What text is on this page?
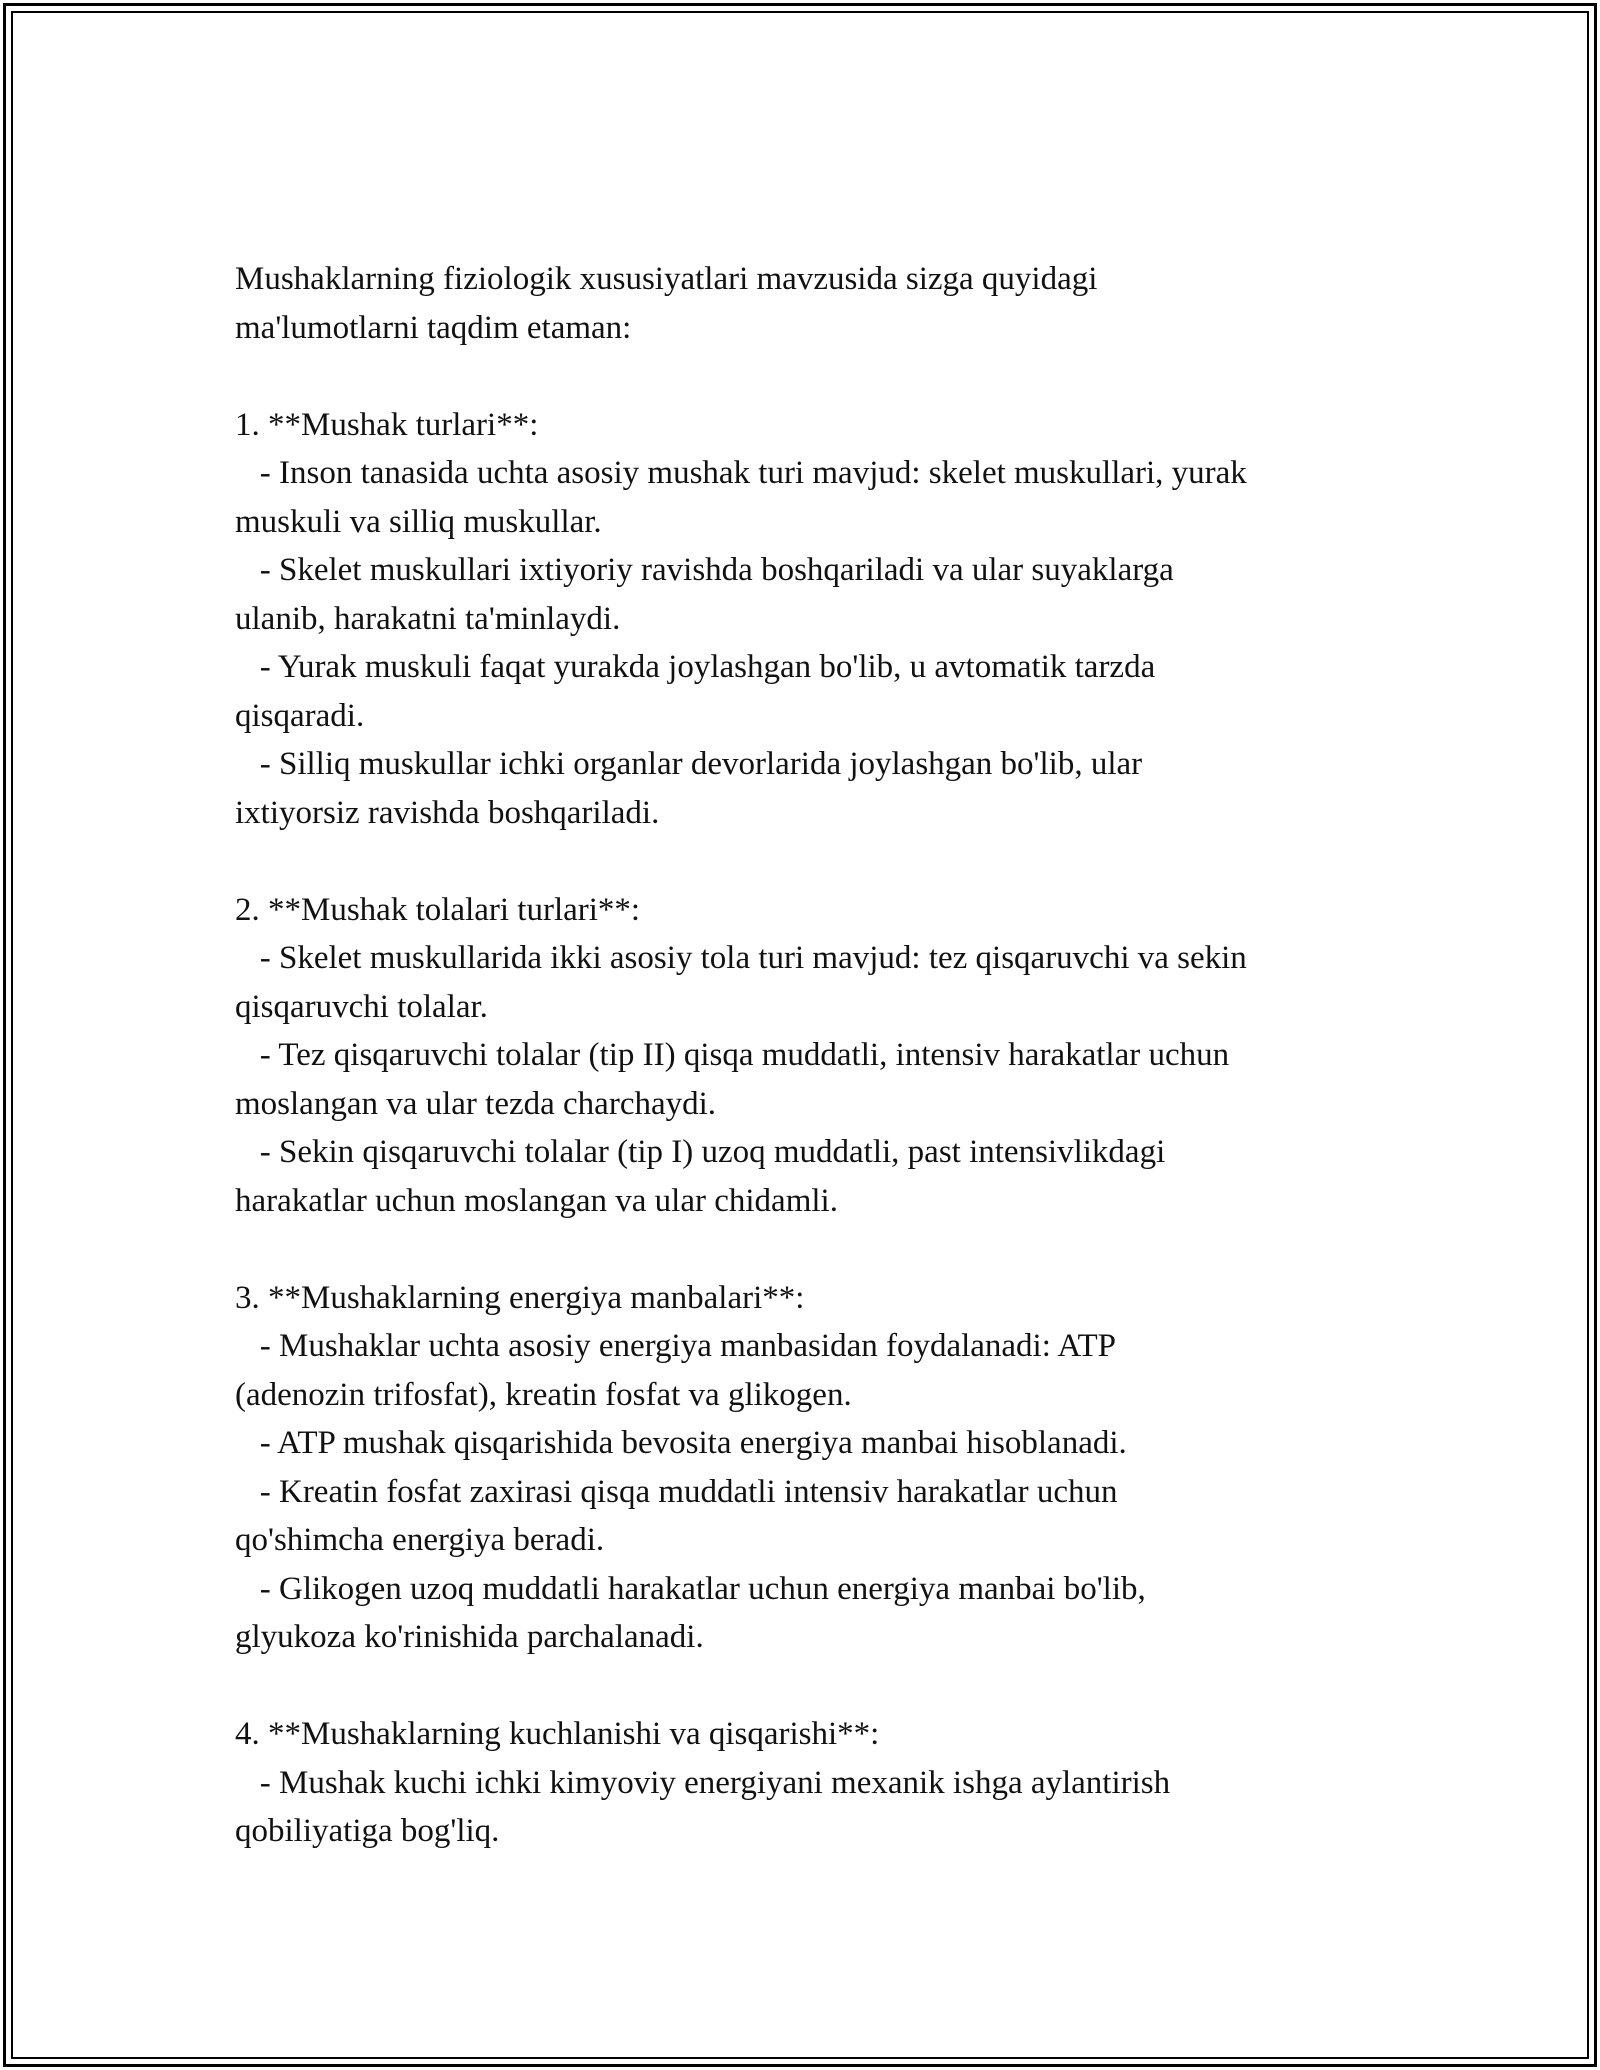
Mushaklarning fiziologik xususiyatlari mavzusida sizga quyidagi
ma'lumotlarni taqdim etaman:
1. **Mushak turlari**:
- Inson tanasida uchta asosiy mushak turi mavjud: skelet muskullari, yurak
muskuli va silliq muskullar.
- Skelet muskullari ixtiyoriy ravishda boshqariladi va ular suyaklarga
ulanib, harakatni ta'minlaydi.
- Yurak muskuli faqat yurakda joylashgan bo'lib, u avtomatik tarzda
qisqaradi.
- Silliq muskullar ichki organlar devorlarida joylashgan bo'lib, ular
ixtiyorsiz ravishda boshqariladi.
2. **Mushak tolalari turlari**:
- Skelet muskullarida ikki asosiy tola turi mavjud: tez qisqaruvchi va sekin
qisqaruvchi tolalar.
- Tez qisqaruvchi tolalar (tip II) qisqa muddatli, intensiv harakatlar uchun
moslangan va ular tezda charchaydi.
- Sekin qisqaruvchi tolalar (tip I) uzoq muddatli, past intensivlikdagi
harakatlar uchun moslangan va ular chidamli.
3. **Mushaklarning energiya manbalari**:
- Mushaklar uchta asosiy energiya manbasidan foydalanadi: ATP
(adenozin trifosfat), kreatin fosfat va glikogen.
- ATP mushak qisqarishida bevosita energiya manbai hisoblanadi.
- Kreatin fosfat zaxirasi qisqa muddatli intensiv harakatlar uchun
qo'shimcha energiya beradi.
- Glikogen uzoq muddatli harakatlar uchun energiya manbai bo'lib,
glyukoza ko'rinishida parchalanadi.
4. **Mushaklarning kuchlanishi va qisqarishi**:
- Mushak kuchi ichki kimyoviy energiyani mexanik ishga aylantirish
qobiliyatiga bog'liq.
